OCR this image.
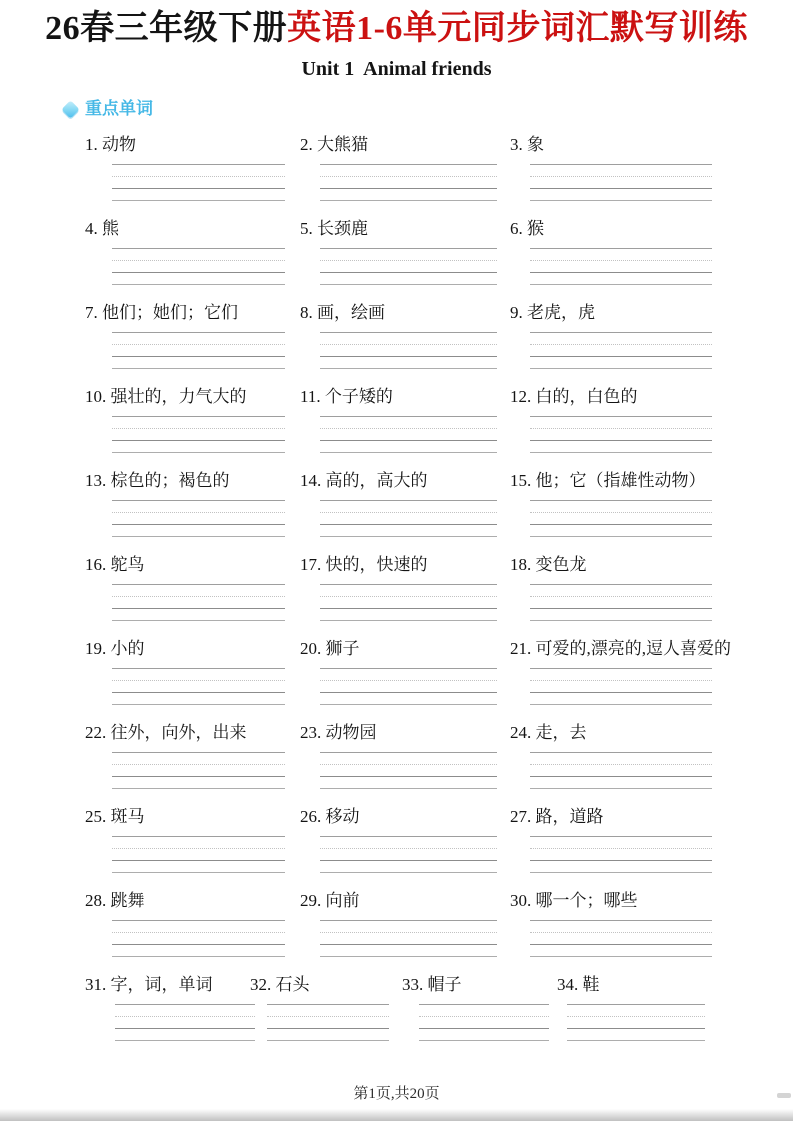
26春三年级下册英语1-6单元同步词汇默写训练
Unit 1  Animal friends
重点单词
1. 动物	2. 大熊猫	3. 象
4. 熊	5. 长颈鹿	6. 猴
7. 他们；她们；它们	8. 画，绘画	9. 老虎，虎
10. 强壮的，力气大的	11. 个子矮的	12. 白的，白色的
13. 棕色的；褐色的	14. 高的，高大的	15. 他；它（指雄性动物）
16. 鸵鸟	17. 快的，快速的	18. 变色龙
19. 小的	20. 狮子	21. 可爱的,漂亮的,逗人喜爱的
22. 往外，向外，出来	23. 动物园	24. 走，去
25. 斑马	26. 移动	27. 路，道路
28. 跳舞	29. 向前	30. 哪一个；哪些
31. 字，词，单词	32. 石头	33. 帽子	34. 鞋
第1页,共20页
